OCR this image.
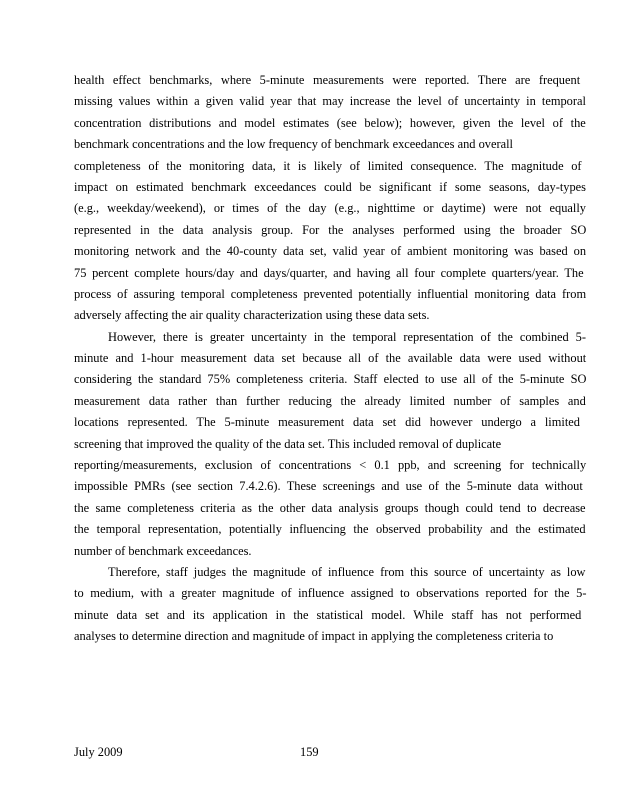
health effect benchmarks, where 5-minute measurements were reported. There are frequent
missing values within a given valid year that may increase the level of uncertainty in temporal
concentration distributions and model estimates (see below); however, given the level of the
benchmark concentrations and the low frequency of benchmark exceedances and overall
completeness of the monitoring data, it is likely of limited consequence. The magnitude of
impact on estimated benchmark exceedances could be significant if some seasons, day-types
(e.g., weekday/weekend), or times of the day (e.g., nighttime or daytime) were not equally
represented in the data analysis group. For the analyses performed using the broader SO
monitoring network and the 40-county data set, valid year of ambient monitoring was based on
75 percent complete hours/day and days/quarter, and having all four complete quarters/year. The
process of assuring temporal completeness prevented potentially influential monitoring data from
adversely affecting the air quality characterization using these data sets.
However, there is greater uncertainty in the temporal representation of the combined 5-
minute and 1-hour measurement data set because all of the available data were used without
considering the standard 75% completeness criteria. Staff elected to use all of the 5-minute SO
measurement data rather than further reducing the already limited number of samples and
locations represented. The 5-minute measurement data set did however undergo a limited
screening that improved the quality of the data set. This included removal of duplicate
reporting/measurements, exclusion of concentrations < 0.1 ppb, and screening for technically
impossible PMRs (see section 7.4.2.6). These screenings and use of the 5-minute data without
the same completeness criteria as the other data analysis groups though could tend to decrease
the temporal representation, potentially influencing the observed probability and the estimated
number of benchmark exceedances.
Therefore, staff judges the magnitude of influence from this source of uncertainty as low
to medium, with a greater magnitude of influence assigned to observations reported for the 5-
minute data set and its application in the statistical model. While staff has not performed
analyses to determine direction and magnitude of impact in applying the completeness criteria to
July 2009	159
